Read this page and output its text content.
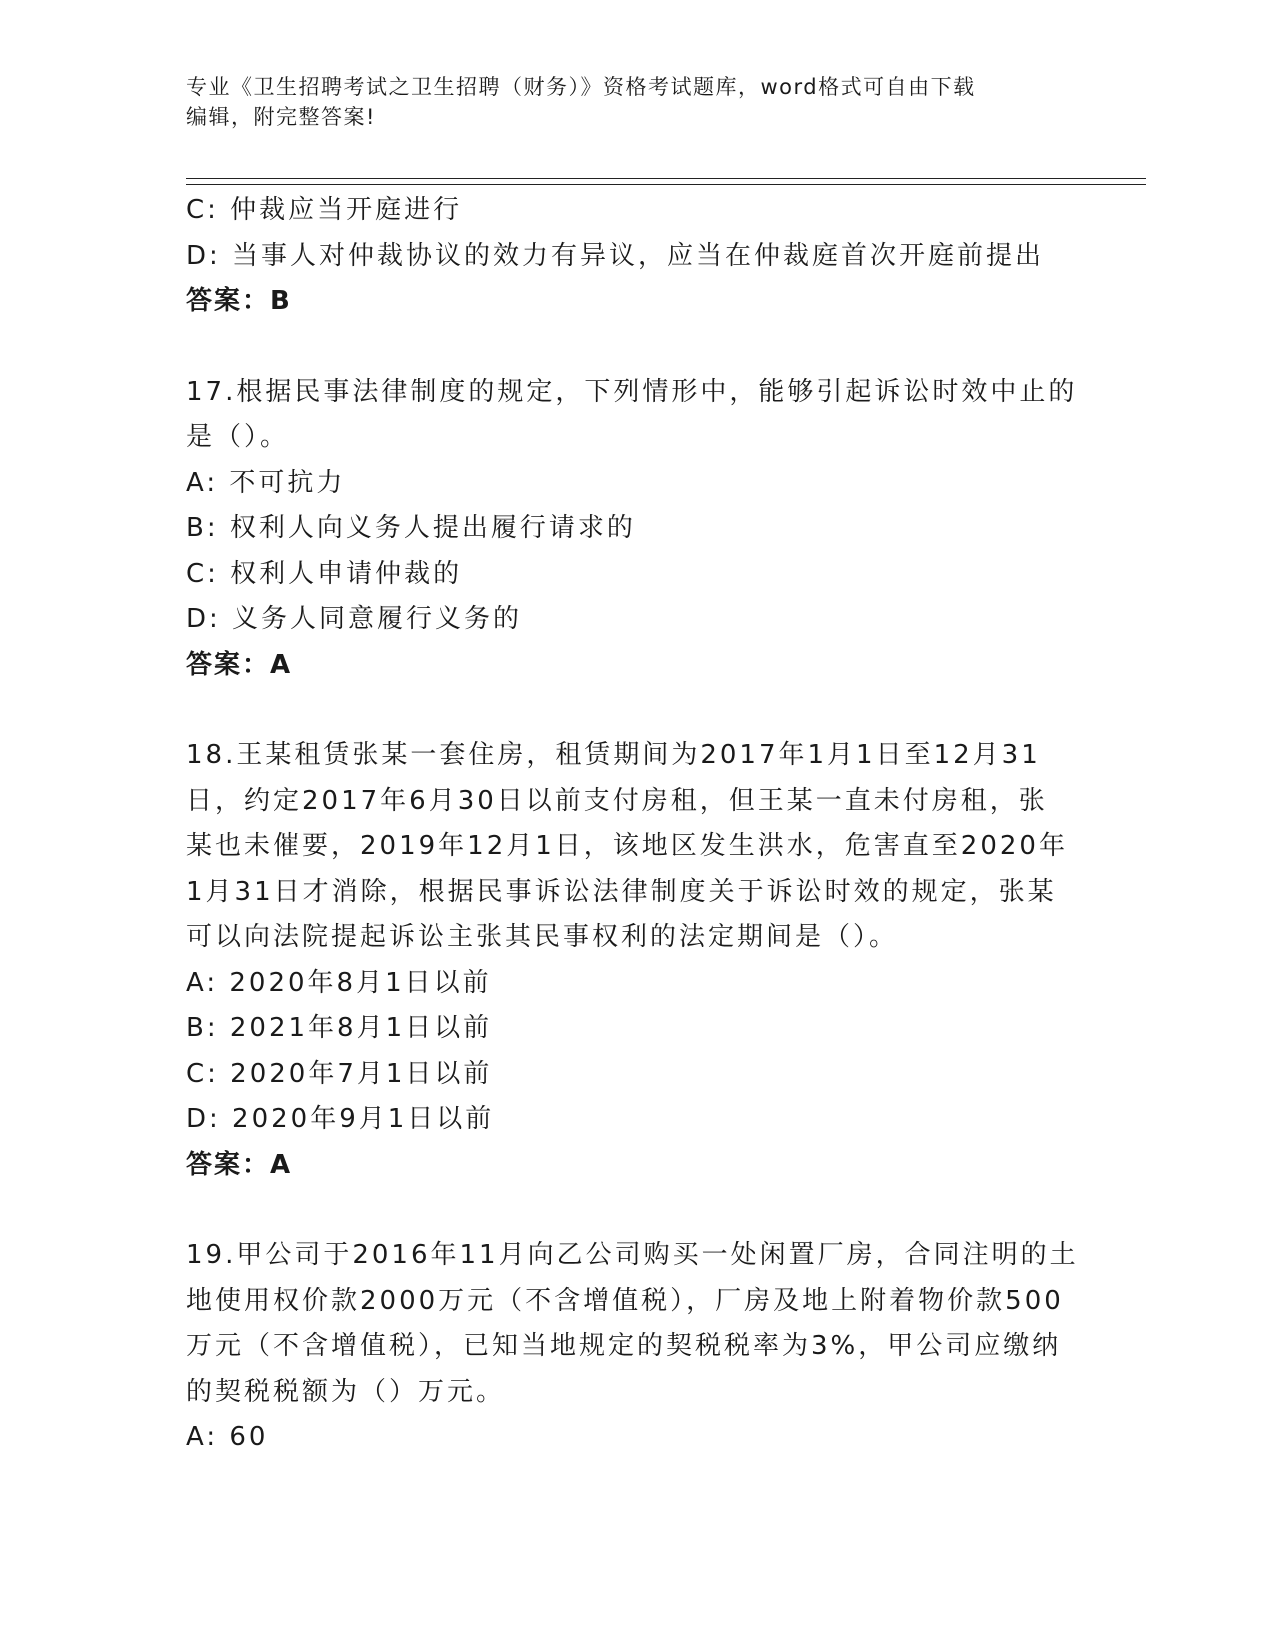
专业《卫生招聘考试之卫生招聘（财务）》资格考试题库，word格式可自由下载
编辑，附完整答案!
C: 仲裁应当开庭进行
D: 当事人对仲裁协议的效力有异议，应当在仲裁庭首次开庭前提出
答案：B
17.根据民事法律制度的规定，下列情形中，能够引起诉讼时效中止的
是（）。
A: 不可抗力
B: 权利人向义务人提出履行请求的
C: 权利人申请仲裁的
D: 义务人同意履行义务的
答案：A
18.王某租赁张某一套住房，租赁期间为2017年1月1日至12月31
日，约定2017年6月30日以前支付房租，但王某一直未付房租，张
某也未催要，2019年12月1日，该地区发生洪水，危害直至2020年
1月31日才消除，根据民事诉讼法律制度关于诉讼时效的规定，张某
可以向法院提起诉讼主张其民事权利的法定期间是（）。
A: 2020年8月1日以前
B: 2021年8月1日以前
C: 2020年7月1日以前
D: 2020年9月1日以前
答案：A
19.甲公司于2016年11月向乙公司购买一处闲置厂房，合同注明的土
地使用权价款2000万元（不含增值税），厂房及地上附着物价款500
万元（不含增值税），已知当地规定的契税税率为3%，甲公司应缴纳
的契税税额为（）万元。
A: 60
